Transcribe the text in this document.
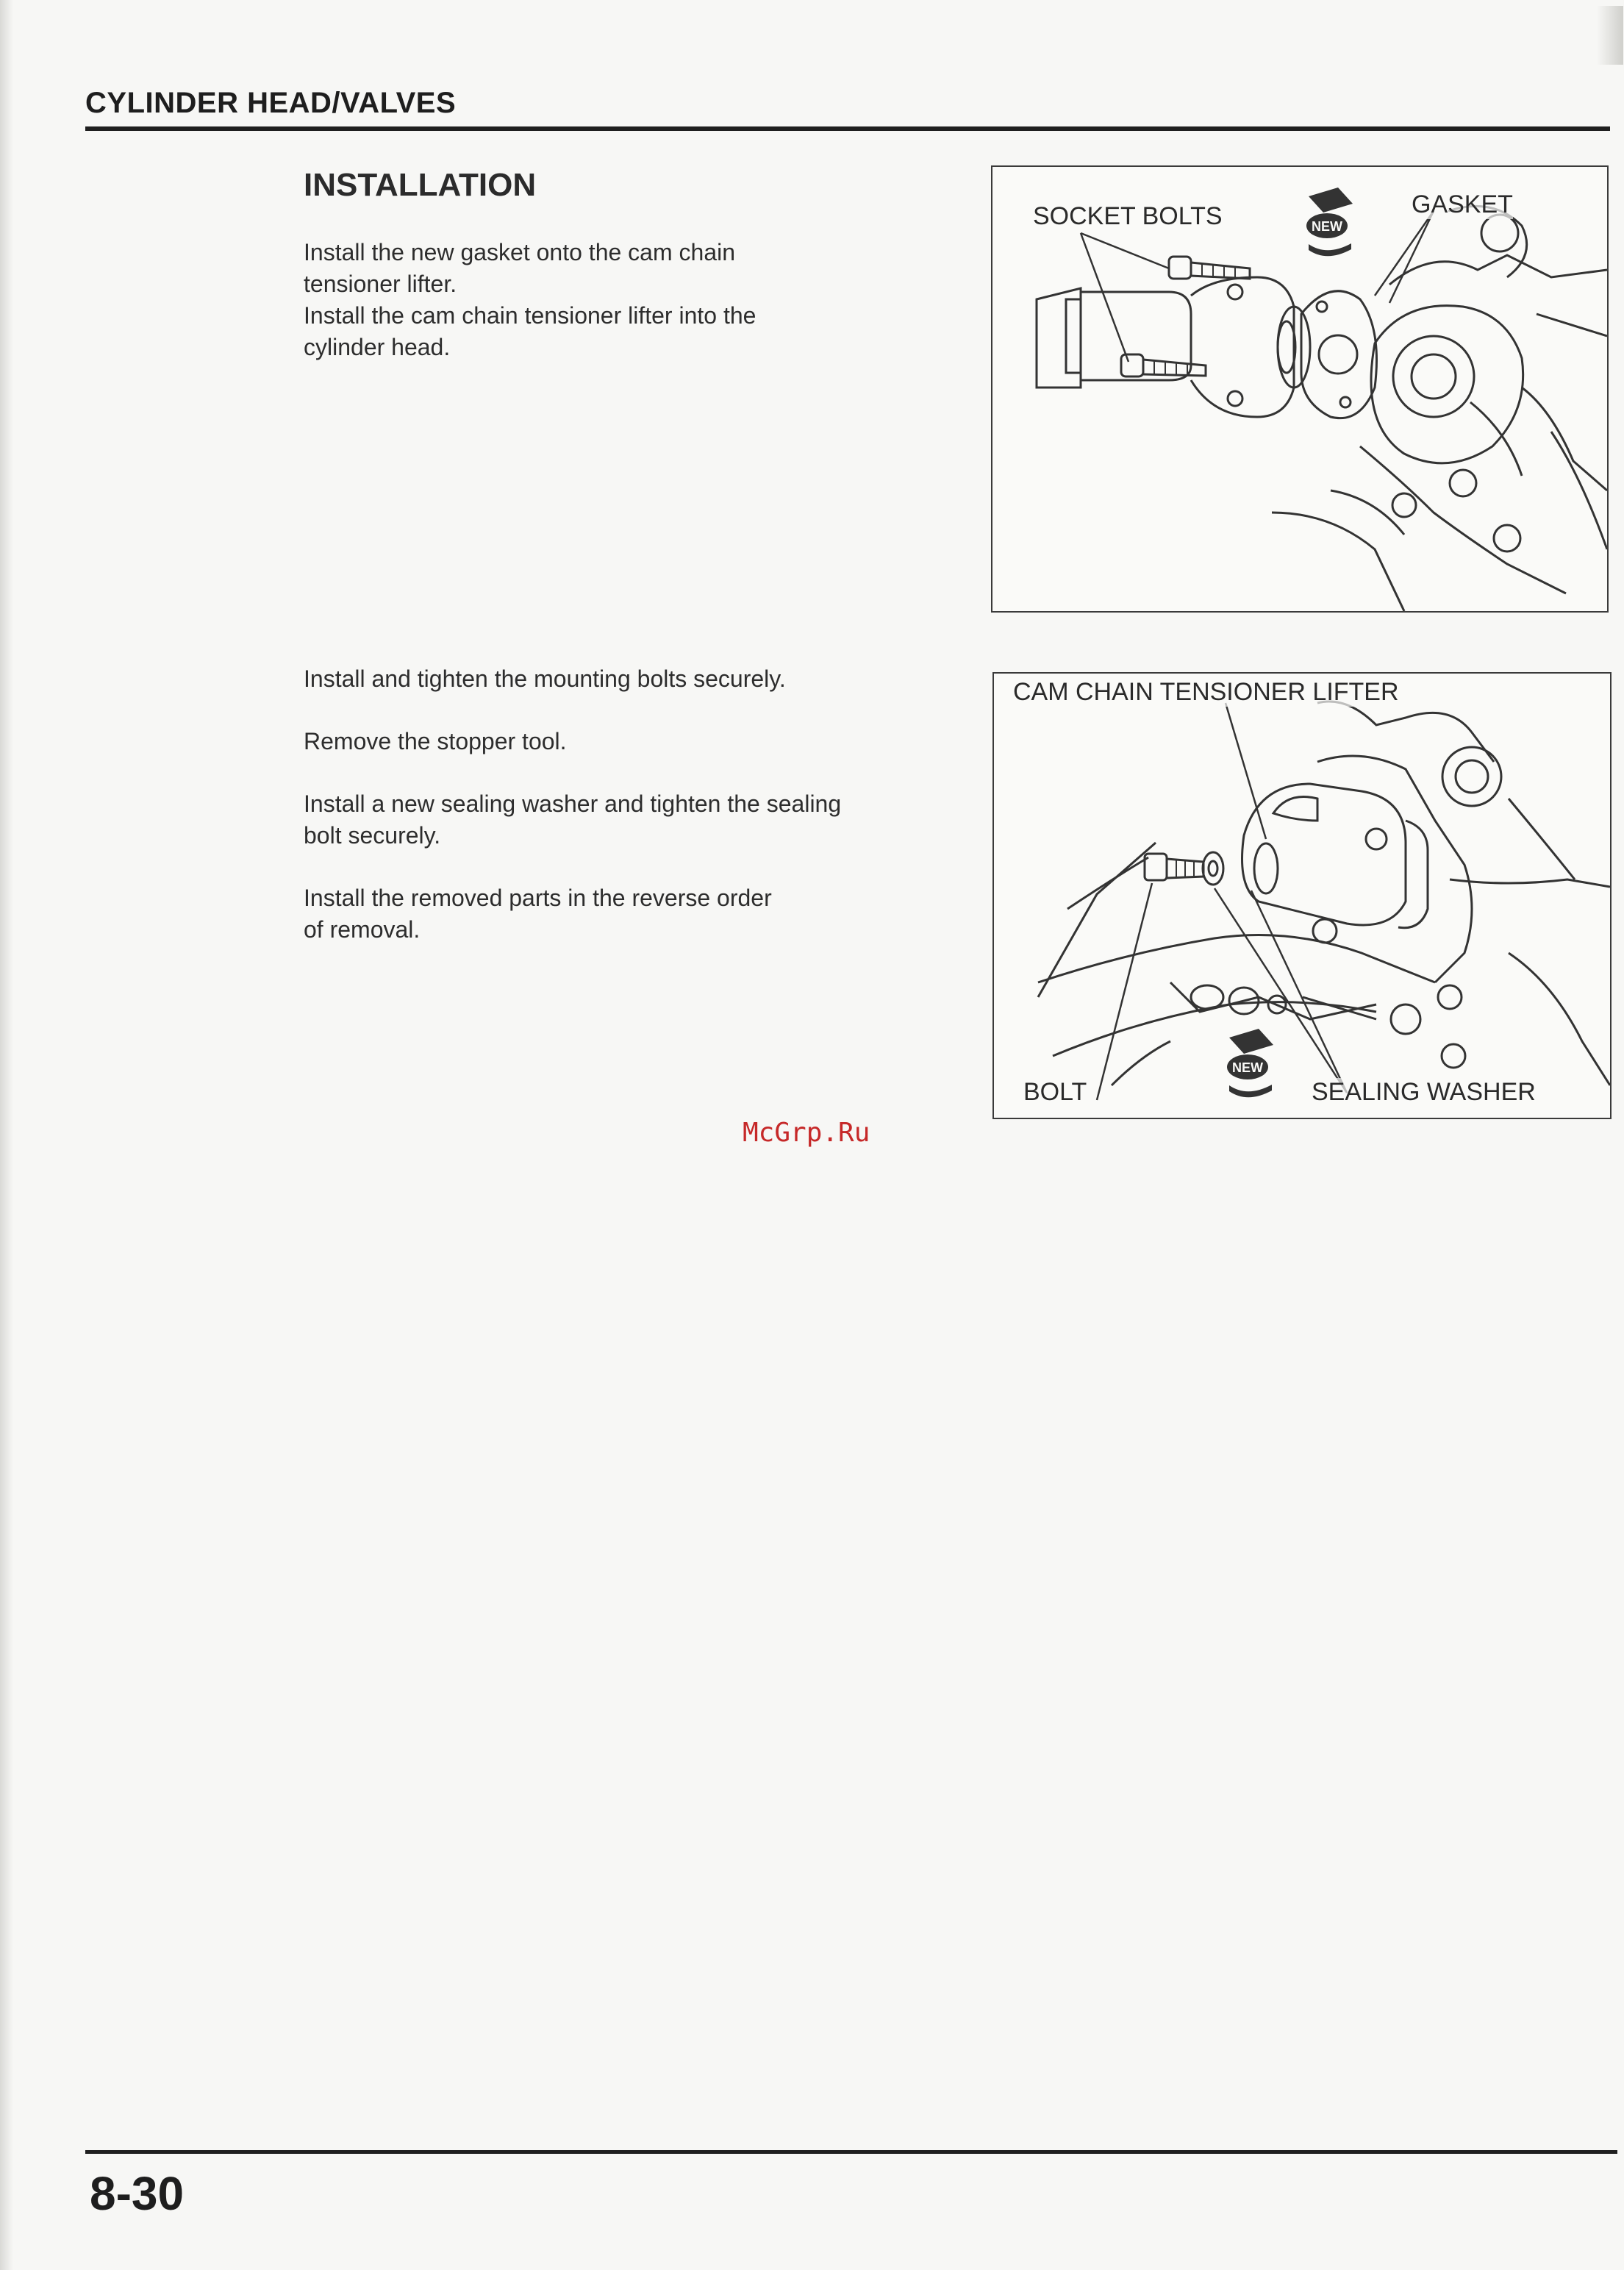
CYLINDER HEAD/VALVES
INSTALLATION

Install the new gasket onto the cam chain

tensioner lifter.

Install the cam chain tensioner lifter into the

cylinder head.

Install and tighten the mounting bolts securely.

Remove the stopper tool.

Install a new sealing washer and tighten the sealing
bolt securely.

Install the removed parts in the reverse order
of removal.

NEW
SOCKET BOLTS	GASKET
NEW
CAM CHAIN TENSIONER LIFTER
BOLT	SEALING WASHER
McGrp.Ru
8-30
